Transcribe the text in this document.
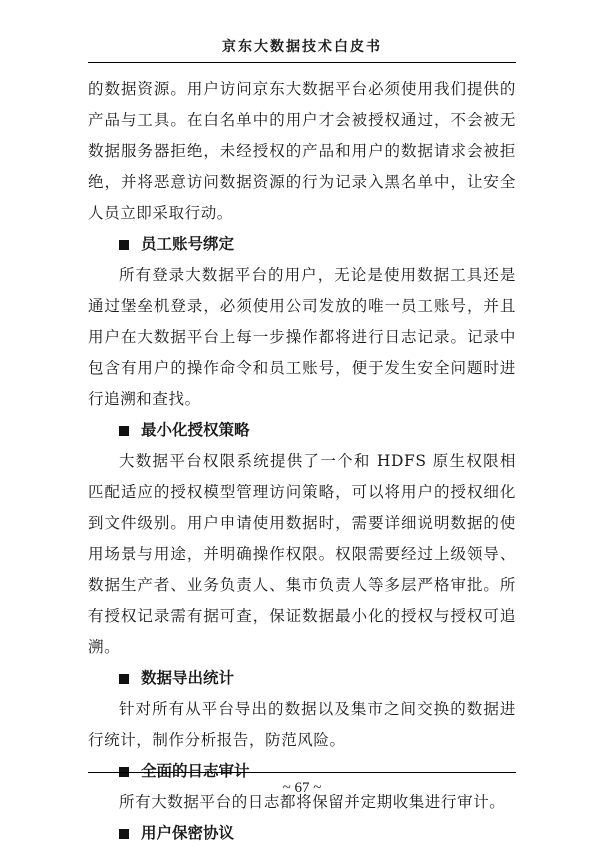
京东大数据技术白皮书

的数据资源。用户访问京东大数据平台必须使用我们提供的产品与工具。在白名单中的用户才会被授权通过，不会被无数据服务器拒绝，未经授权的产品和用户的数据请求会被拒绝，并将恶意访问数据资源的行为记录入黑名单中，让安全人员立即采取行动。

员工账号绑定

所有登录大数据平台的用户，无论是使用数据工具还是通过堡垒机登录，必须使用公司发放的唯一员工账号，并且用户在大数据平台上每一步操作都将进行日志记录。记录中包含有用户的操作命令和员工账号，便于发生安全问题时进行追溯和查找。

最小化授权策略

大数据平台权限系统提供了一个和 HDFS 原生权限相匹配适应的授权模型管理访问策略，可以将用户的授权细化到文件级别。用户申请使用数据时，需要详细说明数据的使用场景与用途，并明确操作权限。权限需要经过上级领导、数据生产者、业务负责人、集市负责人等多层严格审批。所有授权记录需有据可查，保证数据最小化的授权与授权可追溯。

数据导出统计

针对所有从平台导出的数据以及集市之间交换的数据进行统计，制作分析报告，防范风险。

全面的日志审计

所有大数据平台的日志都将保留并定期收集进行审计。

用户保密协议
~ 67 ~
